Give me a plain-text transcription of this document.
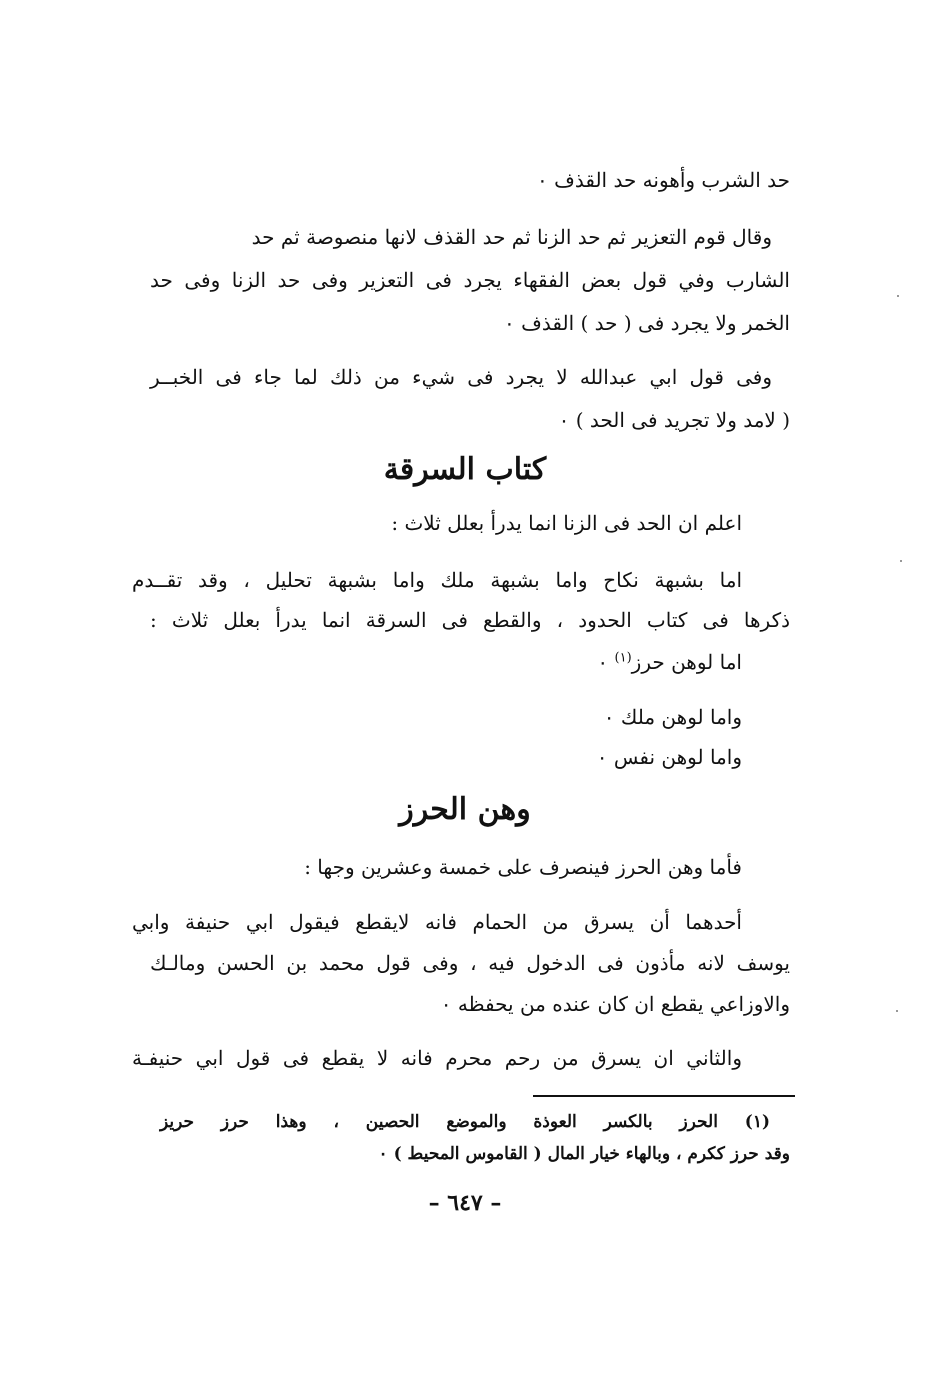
حد الشرب وأهونه حد القذف ٠
وقال قوم التعزير ثم حد الزنا ثم حد القذف لانها منصوصة ثم حد
الشارب وفي قول بعض الفقهاء يجرد فى التعزير وفى حد الزنا وفى حد
الخمر ولا يجرد فى ( حد ) القذف ٠
وفى قول ابي عبدالله لا يجرد فى شيء من ذلك لما جاء فى الخبــر
( لامد ولا تجريد فى الحد ) ٠
كتاب السرقة
اعلم ان الحد فى الزنا انما يدرأ بعلل ثلاث :
اما بشبهة نكاح واما بشبهة ملك واما بشبهة تحليل ، وقد تقــدم
ذكرها فى كتاب الحدود ، والقطع فى السرقة انما يدرأ بعلل ثلاث :
اما لوهن حرز$^{(١)}$ ٠
واما لوهن ملك ٠
واما لوهن نفس ٠
وهن الحرز
فأما وهن الحرز فينصرف على خمسة وعشرين وجها :
أحدهما أن يسرق من الحمام فانه لايقطع فيقول ابي حنيفة وابي
يوسف لانه مأذون فى الدخول فيه ، وفى قول محمد بن الحسن ومالـك
والاوزاعي يقطع ان كان عنده من يحفظه ٠
والثاني ان يسرق من رحم محرم فانه لا يقطع فى قول ابي حنيفـة
(١) الحرز بالكسر العوذة والموضع الحصين ، وهذا حرز حريز
وقد حرز ككرم ، وبالهاء خيار المال ( القاموس المحيط ) ٠
– ٦٤٧ –
